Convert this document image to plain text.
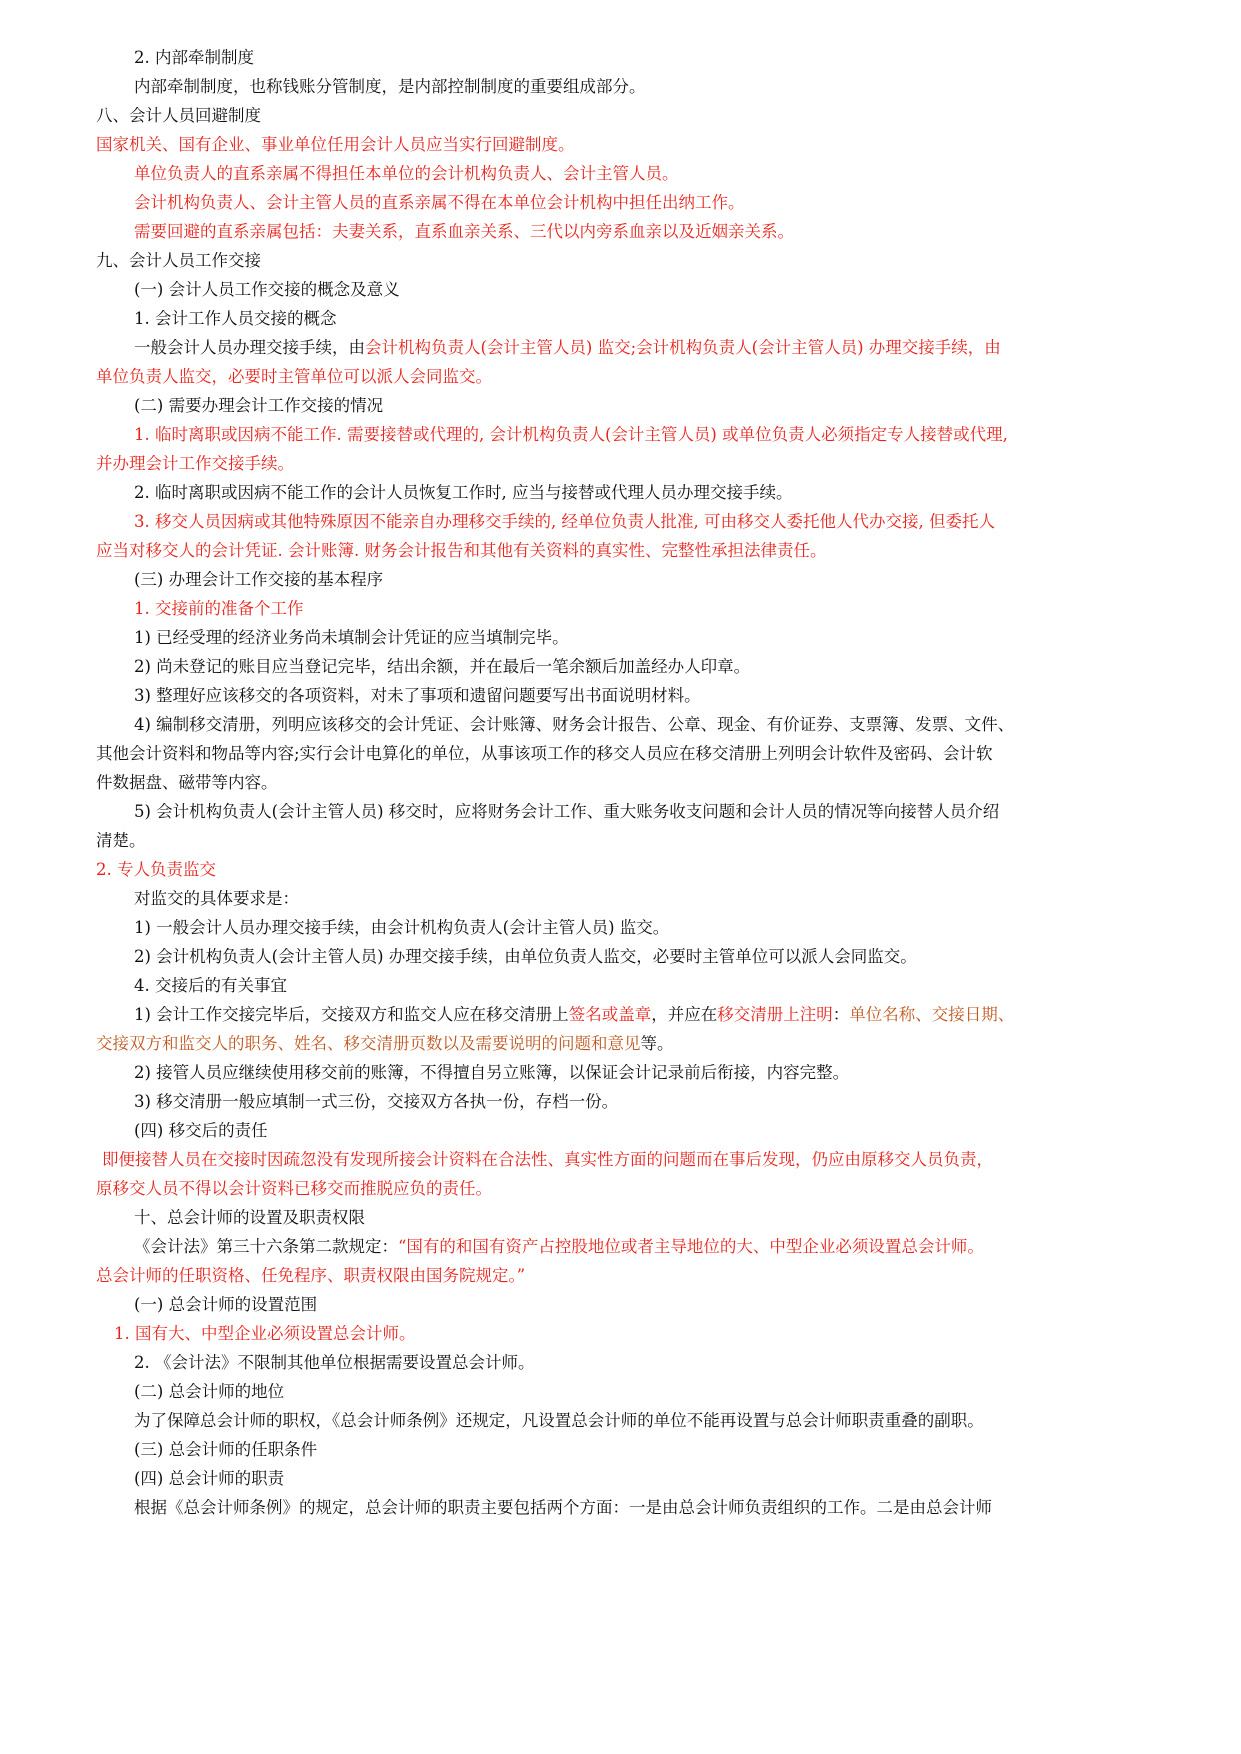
2. 内部牵制制度
内部牵制制度，也称钱账分管制度，是内部控制制度的重要组成部分。
八、会计人员回避制度
国家机关、国有企业、事业单位任用会计人员应当实行回避制度。
单位负责人的直系亲属不得担任本单位的会计机构负责人、会计主管人员。
会计机构负责人、会计主管人员的直系亲属不得在本单位会计机构中担任出纳工作。
需要回避的直系亲属包括：夫妻关系，直系血亲关系、三代以内旁系血亲以及近姻亲关系。
九、会计人员工作交接
(一) 会计人员工作交接的概念及意义
1. 会计工作人员交接的概念
一般会计人员办理交接手续，由会计机构负责人(会计主管人员) 监交;会计机构负责人(会计主管人员) 办理交接手续，由
单位负责人监交，必要时主管单位可以派人会同监交。
(二) 需要办理会计工作交接的情况
1. 临时离职或因病不能工作. 需要接替或代理的, 会计机构负责人(会计主管人员) 或单位负责人必须指定专人接替或代理,
并办理会计工作交接手续。
2. 临时离职或因病不能工作的会计人员恢复工作时, 应当与接替或代理人员办理交接手续。
3. 移交人员因病或其他特殊原因不能亲自办理移交手续的, 经单位负责人批准, 可由移交人委托他人代办交接, 但委托人
应当对移交人的会计凭证. 会计账簿. 财务会计报告和其他有关资料的真实性、完整性承担法律责任。
(三) 办理会计工作交接的基本程序
1. 交接前的准备个工作
1) 已经受理的经济业务尚未填制会计凭证的应当填制完毕。
2) 尚未登记的账目应当登记完毕，结出余额，并在最后一笔余额后加盖经办人印章。
3) 整理好应该移交的各项资料，对未了事项和遗留问题要写出书面说明材料。
4) 编制移交清册，列明应该移交的会计凭证、会计账簿、财务会计报告、公章、现金、有价证券、支票簿、发票、文件、
其他会计资料和物品等内容;实行会计电算化的单位，从事该项工作的移交人员应在移交清册上列明会计软件及密码、会计软
件数据盘、磁带等内容。
5) 会计机构负责人(会计主管人员) 移交时，应将财务会计工作、重大账务收支问题和会计人员的情况等向接替人员介绍
清楚。
2. 专人负责监交
对监交的具体要求是：
1) 一般会计人员办理交接手续，由会计机构负责人(会计主管人员) 监交。
2) 会计机构负责人(会计主管人员) 办理交接手续，由单位负责人监交，必要时主管单位可以派人会同监交。
4. 交接后的有关事宜
1) 会计工作交接完毕后，交接双方和监交人应在移交清册上签名或盖章，并应在移交清册上注明：单位名称、交接日期、
交接双方和监交人的职务、姓名、移交清册页数以及需要说明的问题和意见等。
2) 接管人员应继续使用移交前的账簿，不得擅自另立账簿，以保证会计记录前后衔接，内容完整。
3) 移交清册一般应填制一式三份，交接双方各执一份，存档一份。
(四) 移交后的责任
即便接替人员在交接时因疏忽没有发现所接会计资料在合法性、真实性方面的问题而在事后发现，仍应由原移交人员负责，
原移交人员不得以会计资料已移交而推脱应负的责任。
十、总会计师的设置及职责权限
《会计法》第三十六条第二款规定：“国有的和国有资产占控股地位或者主导地位的大、中型企业必须设置总会计师。
总会计师的任职资格、任免程序、职责权限由国务院规定。”
(一) 总会计师的设置范围
1. 国有大、中型企业必须设置总会计师。
2. 《会计法》不限制其他单位根据需要设置总会计师。
(二) 总会计师的地位
为了保障总会计师的职权，《总会计师条例》还规定，凡设置总会计师的单位不能再设置与总会计师职责重叠的副职。
(三) 总会计师的任职条件
(四) 总会计师的职责
根据《总会计师条例》的规定，总会计师的职责主要包括两个方面：一是由总会计师负责组织的工作。二是由总会计师
